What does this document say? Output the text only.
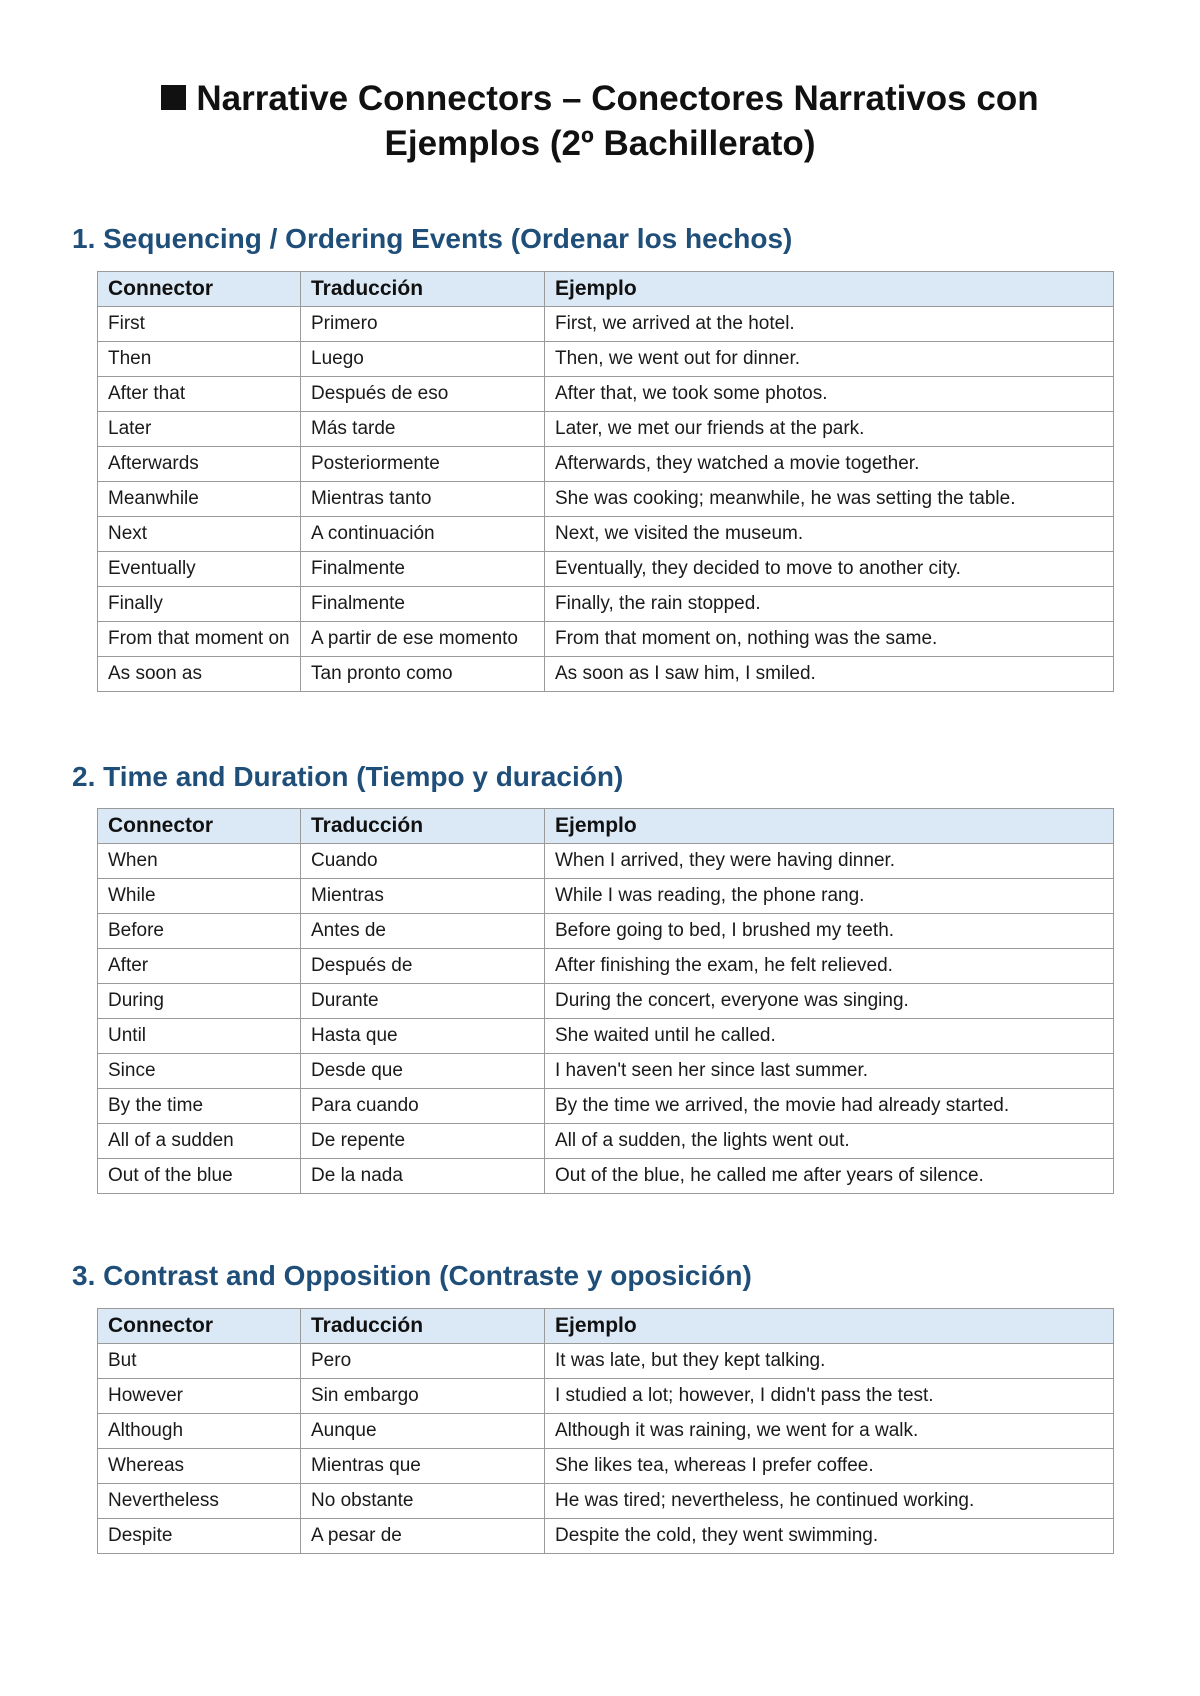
Narrative Connectors – Conectores Narrativos con Ejemplos (2º Bachillerato)
1. Sequencing / Ordering Events (Ordenar los hechos)
Connector	Traducción	Ejemplo
First	Primero	First, we arrived at the hotel.
Then	Luego	Then, we went out for dinner.
After that	Después de eso	After that, we took some photos.
Later	Más tarde	Later, we met our friends at the park.
Afterwards	Posteriormente	Afterwards, they watched a movie together.
Meanwhile	Mientras tanto	She was cooking; meanwhile, he was setting the table.
Next	A continuación	Next, we visited the museum.
Eventually	Finalmente	Eventually, they decided to move to another city.
Finally	Finalmente	Finally, the rain stopped.
From that moment on	A partir de ese momento	From that moment on, nothing was the same.
As soon as	Tan pronto como	As soon as I saw him, I smiled.
2. Time and Duration (Tiempo y duración)
Connector	Traducción	Ejemplo
When	Cuando	When I arrived, they were having dinner.
While	Mientras	While I was reading, the phone rang.
Before	Antes de	Before going to bed, I brushed my teeth.
After	Después de	After finishing the exam, he felt relieved.
During	Durante	During the concert, everyone was singing.
Until	Hasta que	She waited until he called.
Since	Desde que	I haven't seen her since last summer.
By the time	Para cuando	By the time we arrived, the movie had already started.
All of a sudden	De repente	All of a sudden, the lights went out.
Out of the blue	De la nada	Out of the blue, he called me after years of silence.
3. Contrast and Opposition (Contraste y oposición)
Connector	Traducción	Ejemplo
But	Pero	It was late, but they kept talking.
However	Sin embargo	I studied a lot; however, I didn't pass the test.
Although	Aunque	Although it was raining, we went for a walk.
Whereas	Mientras que	She likes tea, whereas I prefer coffee.
Nevertheless	No obstante	He was tired; nevertheless, he continued working.
Despite	A pesar de	Despite the cold, they went swimming.
